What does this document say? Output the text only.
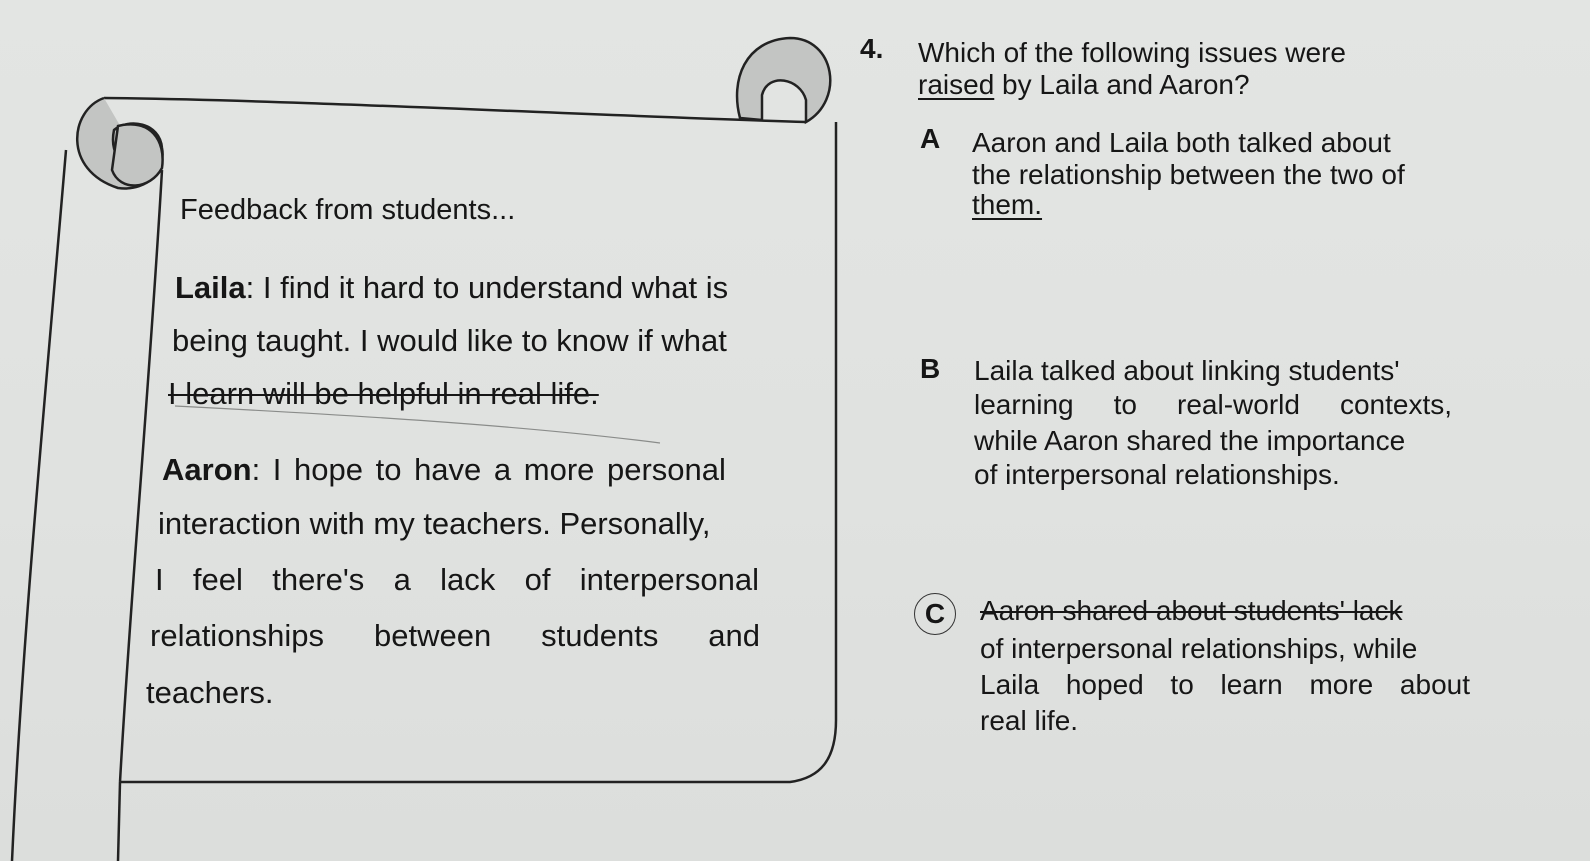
Feedback from students...
Laila: I find it hard to understand what is
being taught. I would like to know if what
I learn will be helpful in real life.
Aaron: I hope to have a more personal
interaction with my teachers. Personally,
I feel there's a lack of interpersonal
relationships between students and
teachers.
4. Which of the following issues were
raised by Laila and Aaron?
A Aaron and Laila both talked about
the relationship between the two of
them.
B Laila talked about linking students'
learning to real-world contexts,
while Aaron shared the importance
of interpersonal relationships.
C	Aaron shared about students' lack
of interpersonal relationships, while
Laila hoped to learn more about
real life.
